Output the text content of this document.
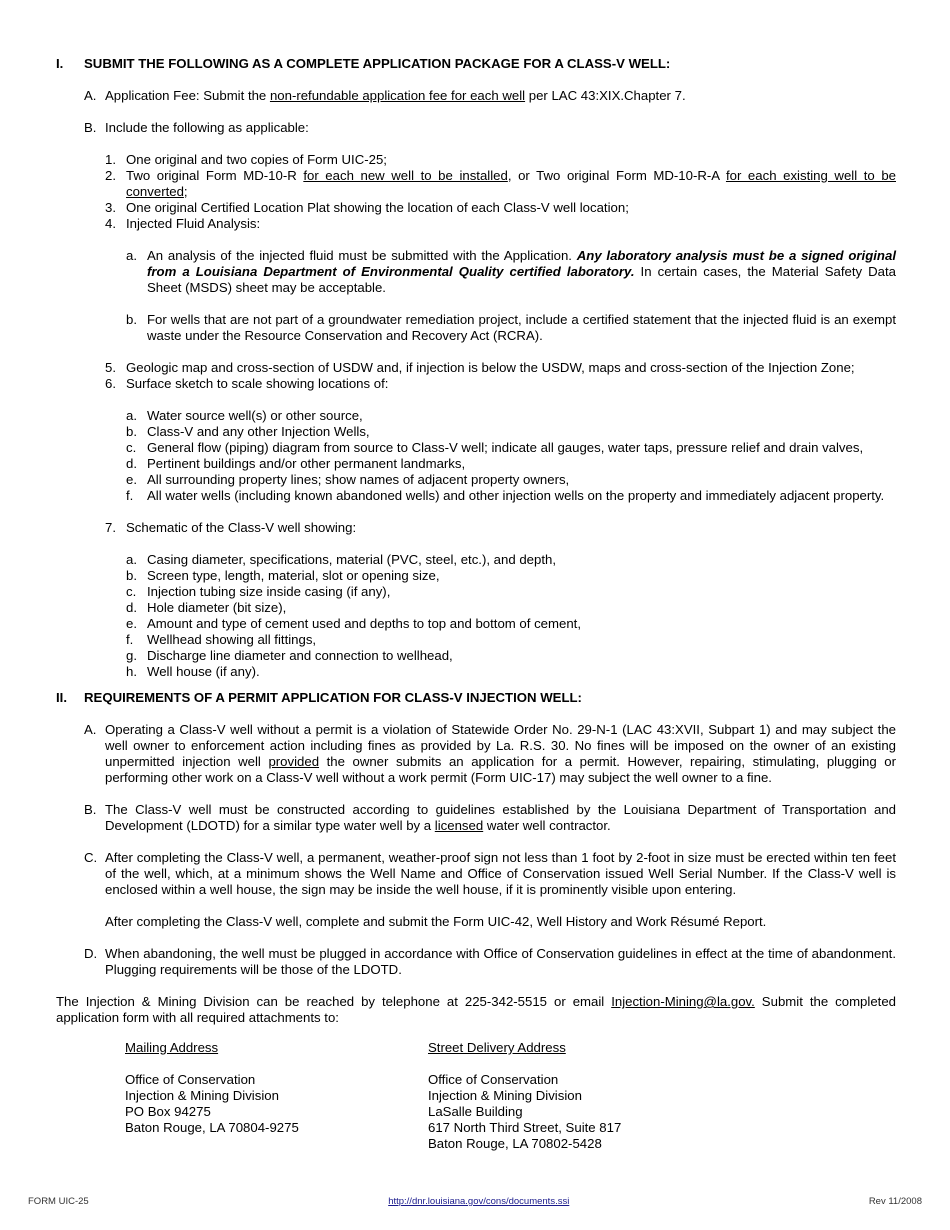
I.	SUBMIT THE FOLLOWING AS A COMPLETE APPLICATION PACKAGE FOR A CLASS-V WELL:
A. Application Fee: Submit the non-refundable application fee for each well per LAC 43:XIX.Chapter 7.
B. Include the following as applicable:
1. One original and two copies of Form UIC-25;
2. Two original Form MD-10-R for each new well to be installed, or Two original Form MD-10-R-A for each existing well to be converted;
3. One original Certified Location Plat showing the location of each Class-V well location;
4. Injected Fluid Analysis:
a. An analysis of the injected fluid must be submitted with the Application. Any laboratory analysis must be a signed original from a Louisiana Department of Environmental Quality certified laboratory. In certain cases, the Material Safety Data Sheet (MSDS) sheet may be acceptable.
b. For wells that are not part of a groundwater remediation project, include a certified statement that the injected fluid is an exempt waste under the Resource Conservation and Recovery Act (RCRA).
5. Geologic map and cross-section of USDW and, if injection is below the USDW, maps and cross-section of the Injection Zone;
6. Surface sketch to scale showing locations of:
a. Water source well(s) or other source,
b. Class-V and any other Injection Wells,
c. General flow (piping) diagram from source to Class-V well; indicate all gauges, water taps, pressure relief and drain valves,
d. Pertinent buildings and/or other permanent landmarks,
e. All surrounding property lines; show names of adjacent property owners,
f.	All water wells (including known abandoned wells) and other injection wells on the property and immediately adjacent property.
7. Schematic of the Class-V well showing:
a. Casing diameter, specifications, material (PVC, steel, etc.), and depth,
b. Screen type, length, material, slot or opening size,
c. Injection tubing size inside casing (if any),
d. Hole diameter (bit size),
e. Amount and type of cement used and depths to top and bottom of cement,
f.	Wellhead showing all fittings,
g. Discharge line diameter and connection to wellhead,
h. Well house (if any).
II.	REQUIREMENTS OF A PERMIT APPLICATION FOR CLASS-V INJECTION WELL:
A. Operating a Class-V well without a permit is a violation of Statewide Order No. 29-N-1 (LAC 43:XVII, Subpart 1) and may subject the well owner to enforcement action including fines as provided by La. R.S. 30. No fines will be imposed on the owner of an existing unpermitted injection well provided the owner submits an application for a permit. However, repairing, stimulating, plugging or performing other work on a Class-V well without a work permit (Form UIC-17) may subject the well owner to a fine.
B. The Class-V well must be constructed according to guidelines established by the Louisiana Department of Transportation and Development (LDOTD) for a similar type water well by a licensed water well contractor.
C. After completing the Class-V well, a permanent, weather-proof sign not less than 1 foot by 2-foot in size must be erected within ten feet of the well, which, at a minimum shows the Well Name and Office of Conservation issued Well Serial Number. If the Class-V well is enclosed within a well house, the sign may be inside the well house, if it is prominently visible upon entering.
After completing the Class-V well, complete and submit the Form UIC-42, Well History and Work Résumé Report.
D. When abandoning, the well must be plugged in accordance with Office of Conservation guidelines in effect at the time of abandonment. Plugging requirements will be those of the LDOTD.
The Injection & Mining Division can be reached by telephone at 225-342-5515 or email Injection-Mining@la.gov. Submit the completed application form with all required attachments to:
Mailing Address
Office of Conservation
Injection & Mining Division
PO Box 94275
Baton Rouge, LA 70804-9275
Street Delivery Address
Office of Conservation
Injection & Mining Division
LaSalle Building
617 North Third Street, Suite 817
Baton Rouge, LA 70802-5428
FORM UIC-25	http://dnr.louisiana.gov/cons/documents.ssi	Rev 11/2008
